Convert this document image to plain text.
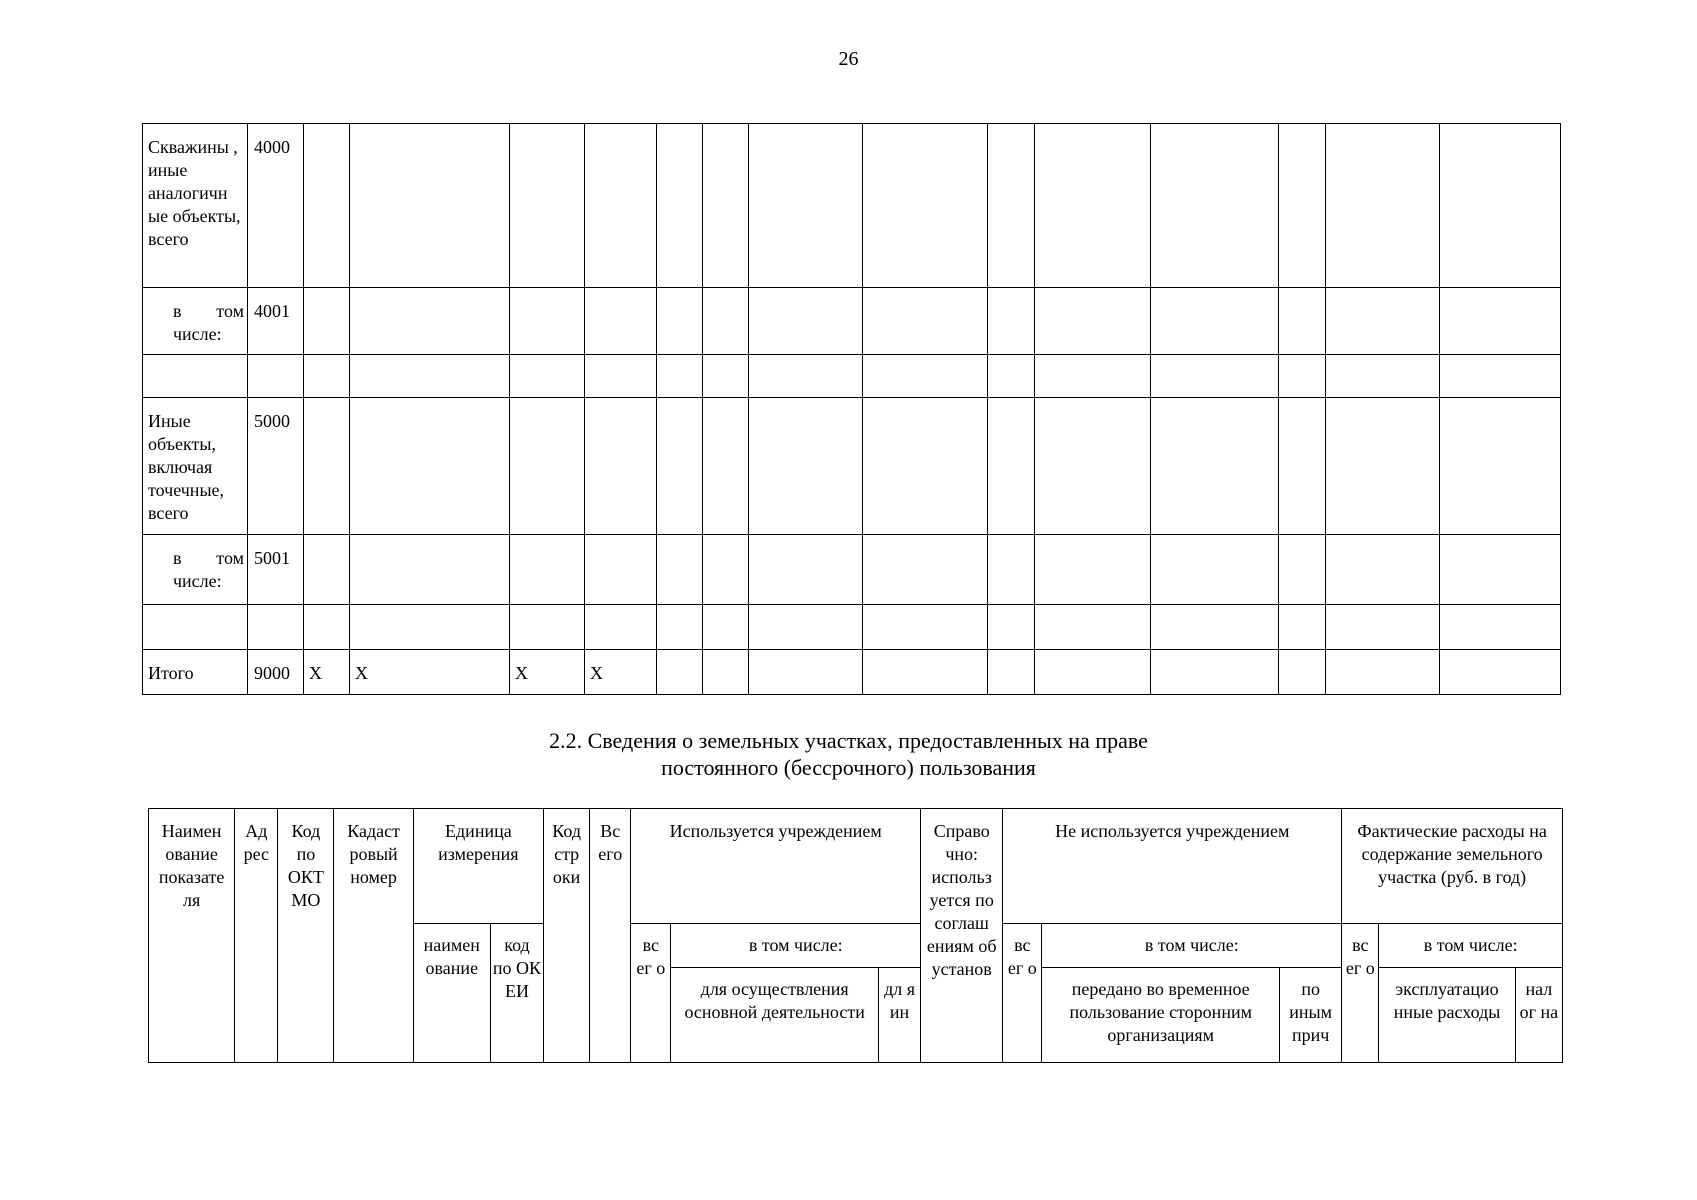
26
Скважины , иные аналогичн ые объекты, всего	4000														
в том числе:	4001														

Иные объекты, включая точечные, всего	5000														
в том числе:	5001														

Итого	9000	X	X	X	X										
2.2. Сведения о земельных участках, предоставленных на праве
постоянного (бессрочного) пользования
Наимен ование показате ля	Ад рес	Код по ОКТ МО	Кадаст ровый номер	Единица измерения		Код стр оки	Вс его	Используется учреждением			Справо чно: использ уется по соглаш ениям об установ	Не используется учреждением			Фактические расходы на содержание земельного участка (руб. в год)		
				наимен ование	код по ОК ЕИ			вс ег о	в том числе:			вс ег о	в том числе:		вс ег о	в том числе:	
									для осуществления основной деятельности	дл я ин			передано во временное пользование сторонним организациям	по иным прич		эксплуатацио нные расходы	нал ог на
